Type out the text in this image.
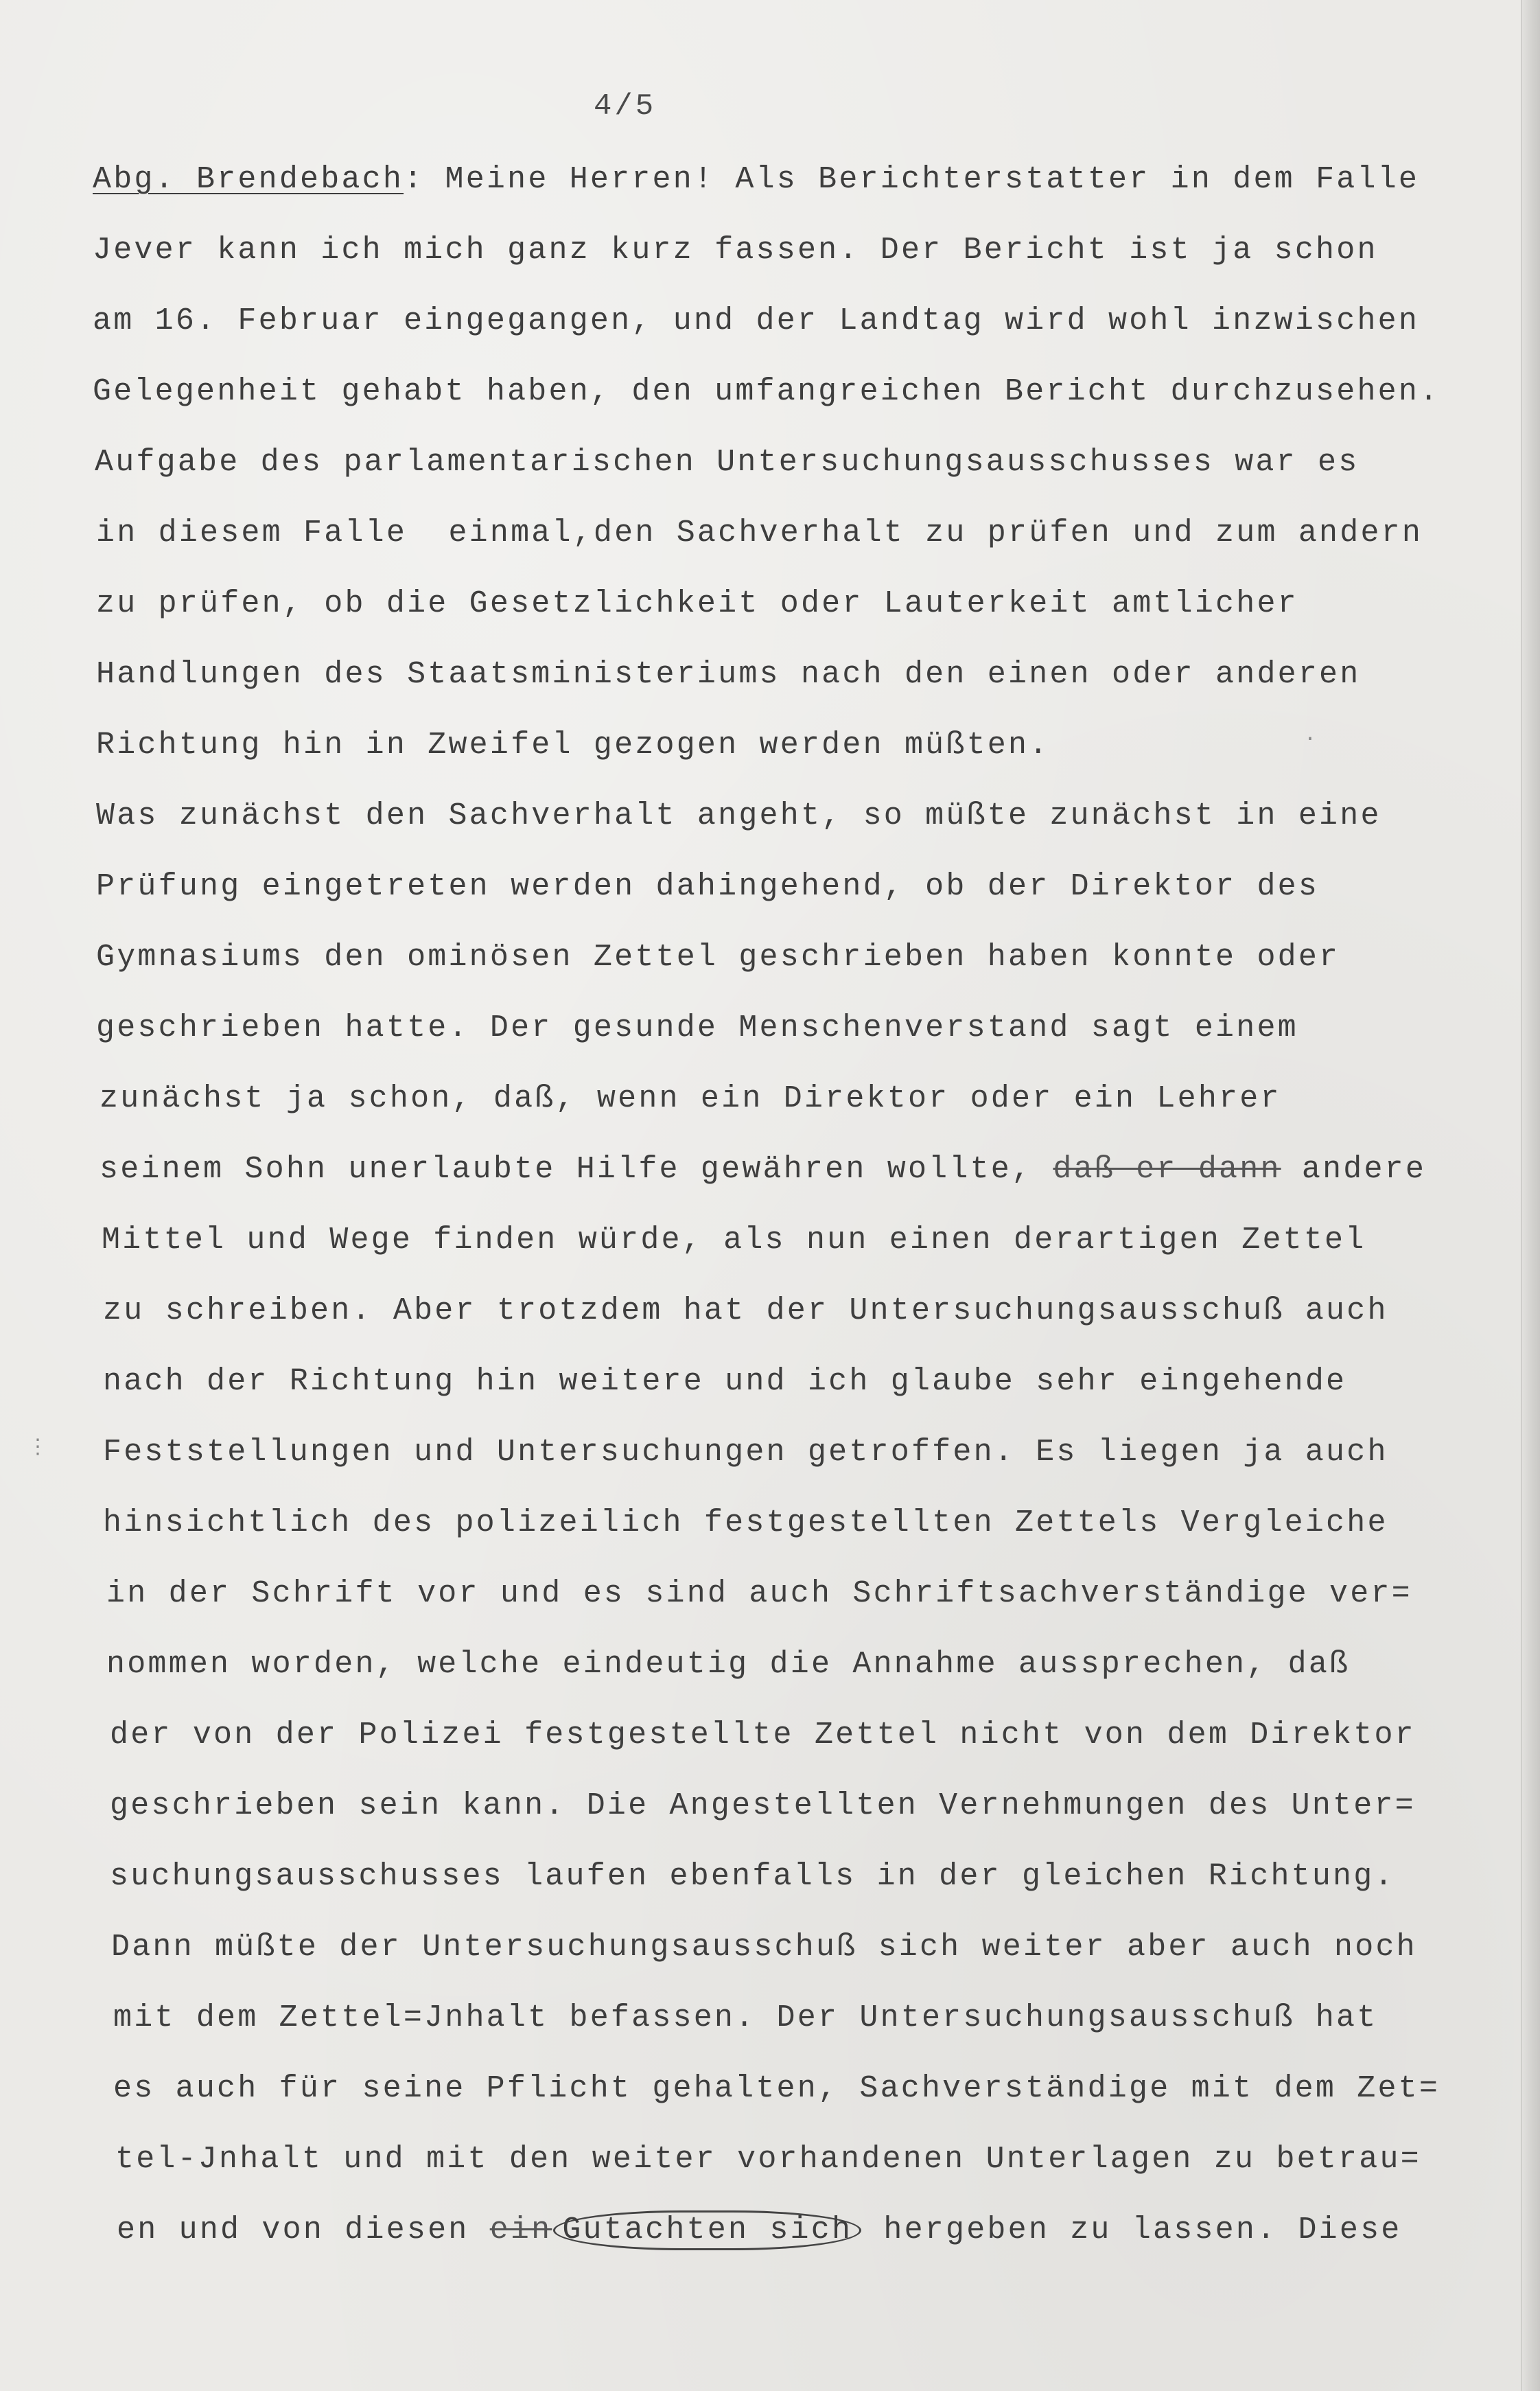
4/5
Abg. Brendebach: Meine Herren! Als Berichterstatter in dem Falle
Jever kann ich mich ganz kurz fassen. Der Bericht ist ja schon
am 16. Februar eingegangen, und der Landtag wird wohl inzwischen
Gelegenheit gehabt haben, den umfangreichen Bericht durchzusehen.
Aufgabe des parlamentarischen Untersuchungsausschusses war es
in diesem Falle  einmal,den Sachverhalt zu prüfen und zum andern
zu prüfen, ob die Gesetzlichkeit oder Lauterkeit amtlicher
Handlungen des Staatsministeriums nach den einen oder anderen
Richtung hin in Zweifel gezogen werden müßten.
Was zunächst den Sachverhalt angeht, so müßte zunächst in eine
Prüfung eingetreten werden dahingehend, ob der Direktor des
Gymnasiums den ominösen Zettel geschrieben haben konnte oder
geschrieben hatte. Der gesunde Menschenverstand sagt einem
zunächst ja schon, daß, wenn ein Direktor oder ein Lehrer
seinem Sohn unerlaubte Hilfe gewähren wollte, daß er dann andere
Mittel und Wege finden würde, als nun einen derartigen Zettel
zu schreiben. Aber trotzdem hat der Untersuchungsausschuß auch
nach der Richtung hin weitere und ich glaube sehr eingehende
Feststellungen und Untersuchungen getroffen. Es liegen ja auch
hinsichtlich des polizeilich festgestellten Zettels Vergleiche
in der Schrift vor und es sind auch Schriftsachverständige ver=
nommen worden, welche eindeutig die Annahme aussprechen, daß
der von der Polizei festgestellte Zettel nicht von dem Direktor
geschrieben sein kann. Die Angestellten Vernehmungen des Unter=
suchungsausschusses laufen ebenfalls in der gleichen Richtung.
Dann müßte der Untersuchungsausschuß sich weiter aber auch noch
mit dem Zettel=Jnhalt befassen. Der Untersuchungsausschuß hat
es auch für seine Pflicht gehalten, Sachverständige mit dem Zet=
tel-Jnhalt und mit den weiter vorhandenen Unterlagen zu betrau=
en und von diesen ein Gutachten sich hergeben zu lassen. Diese
⋮
·
